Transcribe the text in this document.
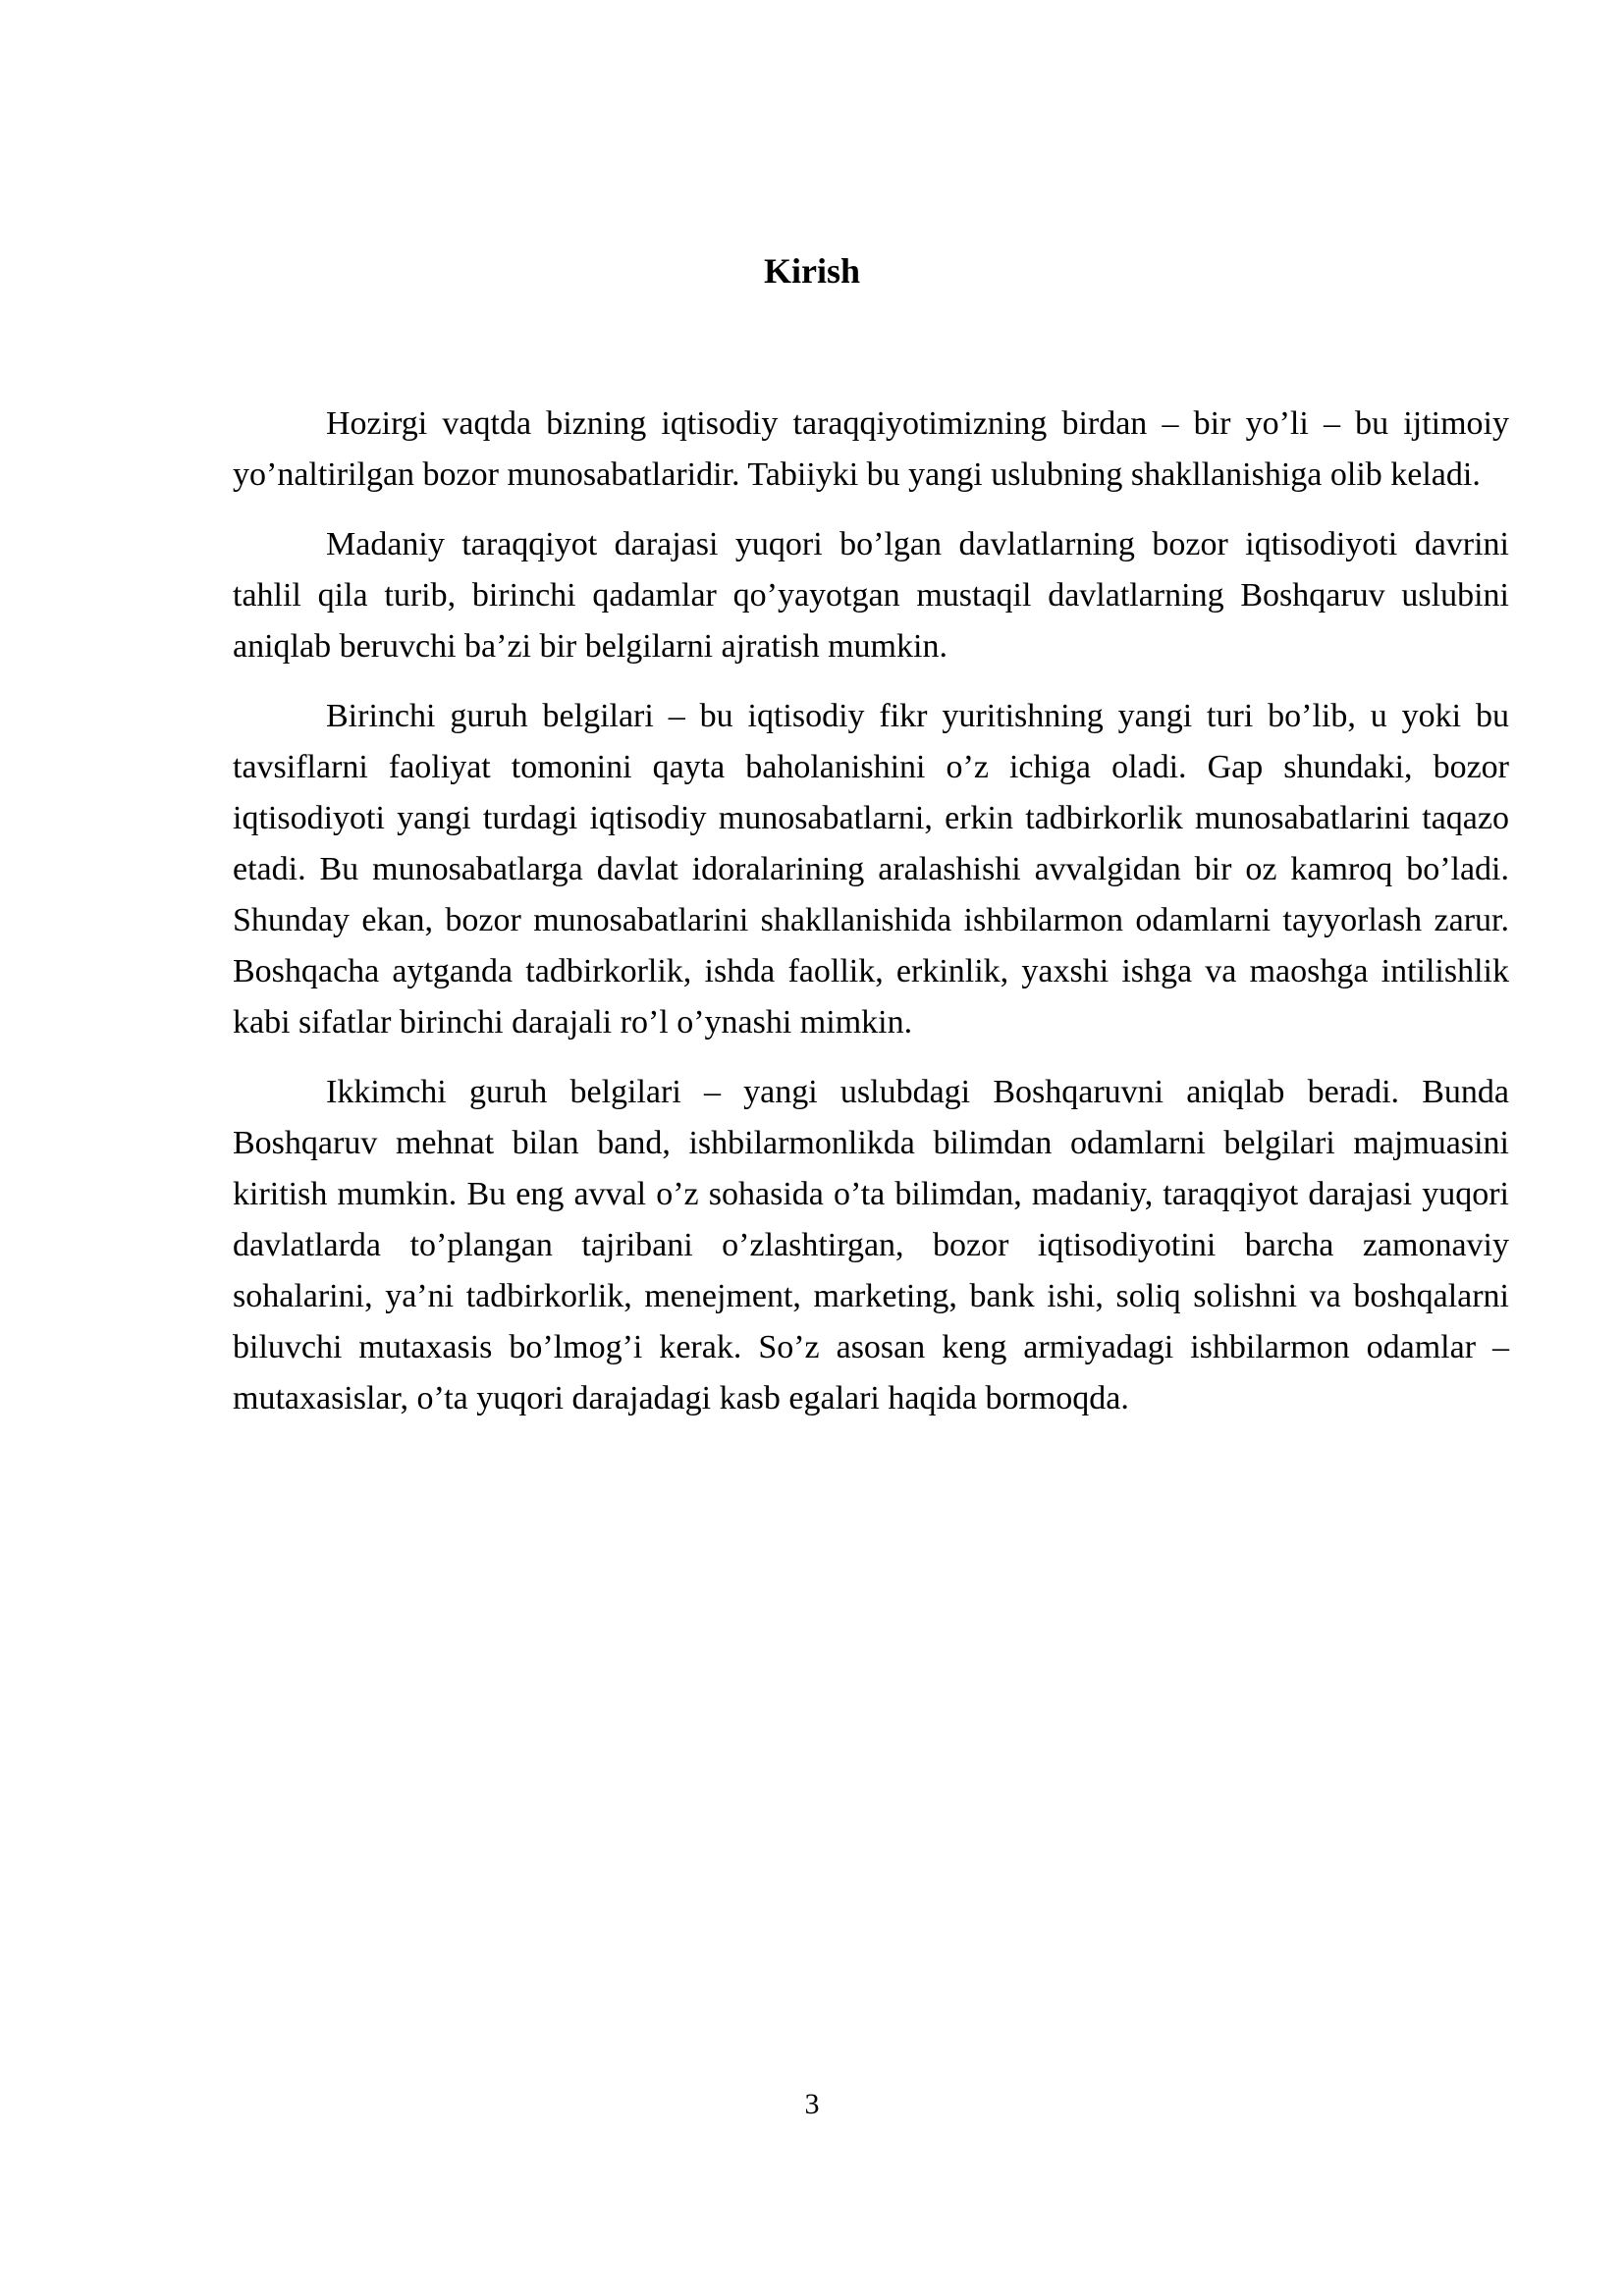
Kirish

Hozirgi vaqtda bizning iqtisodiy taraqqiyotimizning birdan – bir yo’li – bu ijtimoiy yo’naltirilgan bozor munosabatlaridir. Tabiiyki bu yangi uslubning shakllanishiga olib keladi.

Madaniy taraqqiyot darajasi yuqori bo’lgan davlatlarning bozor iqtisodiyoti davrini tahlil qila turib, birinchi qadamlar qo’yayotgan mustaqil davlatlarning Boshqaruv uslubini aniqlab beruvchi ba’zi bir belgilarni ajratish mumkin.

Birinchi guruh belgilari – bu iqtisodiy fikr yuritishning yangi turi bo’lib, u yoki bu tavsiflarni faoliyat tomonini qayta baholanishini o’z ichiga oladi. Gap shundaki, bozor iqtisodiyoti yangi turdagi iqtisodiy munosabatlarni, erkin tadbirkorlik munosabatlarini taqazo etadi. Bu munosabatlarga davlat idoralarining aralashishi avvalgidan bir oz kamroq bo’ladi. Shunday ekan, bozor munosabatlarini shakllanishida ishbilarmon odamlarni tayyorlash zarur. Boshqacha aytganda tadbirkorlik, ishda faollik, erkinlik, yaxshi ishga va maoshga intilishlik kabi sifatlar birinchi darajali ro’l o’ynashi mimkin.

Ikkimchi guruh belgilari – yangi uslubdagi Boshqaruvni aniqlab beradi. Bunda Boshqaruv mehnat bilan band, ishbilarmonlikda bilimdan odamlarni belgilari majmuasini kiritish mumkin. Bu eng avval o’z sohasida o’ta bilimdan, madaniy, taraqqiyot darajasi yuqori davlatlarda to’plangan tajribani o’zlashtirgan, bozor iqtisodiyotini barcha zamonaviy sohalarini, ya’ni tadbirkorlik, menejment, marketing, bank ishi, soliq solishni va boshqalarni biluvchi mutaxasis bo’lmog’i kerak. So’z asosan keng armiyadagi ishbilarmon odamlar – mutaxasislar, o’ta yuqori darajadagi kasb egalari haqida bormoqda.

3
